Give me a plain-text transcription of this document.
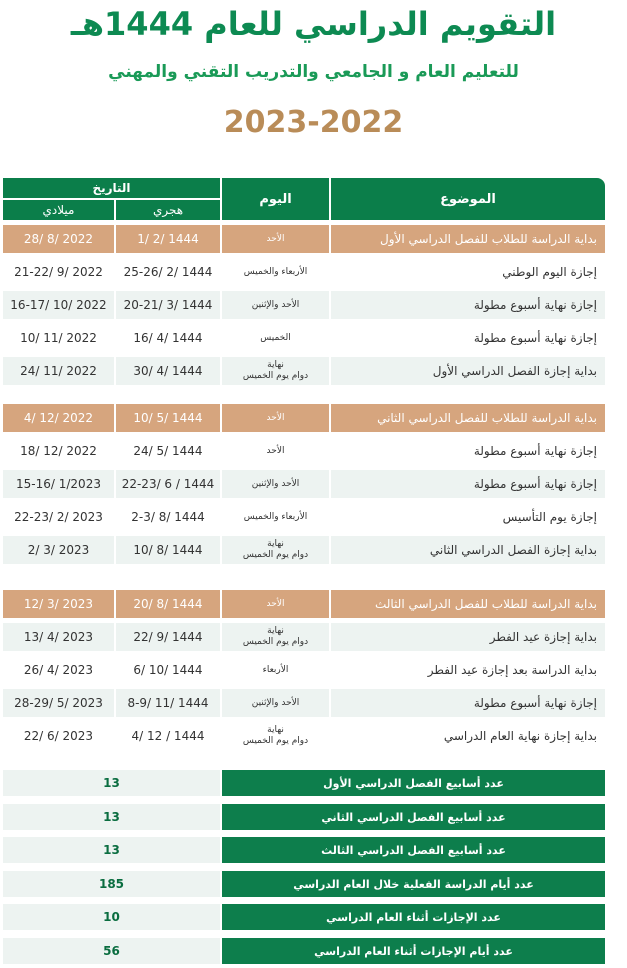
التقويم الدراسي للعام 1444هـ
للتعليم العام و الجامعي والتدريب التقني والمهني
2023-2022
الموضوع
اليوم
التاريخ
هجري
ميلادي
بداية الدراسة للطلاب للفصل الدراسي الأول
الأحد
1/ 2/ 1444
28/ 8/ 2022
إجازة اليوم الوطني
الأربعاء والخميس
25-26/ 2/ 1444
21-22/ 9/ 2022
إجازة نهاية أسبوع مطولة
الأحد والإثنين
20-21/ 3/ 1444
16-17/ 10/ 2022
إجازة نهاية أسبوع مطولة
الخميس
16/ 4/ 1444
10/ 11/ 2022
بداية إجازة الفصل الدراسي الأول
نهاية
دوام يوم الخميس
30/ 4/ 1444
24/ 11/ 2022
بداية الدراسة للطلاب للفصل الدراسي الثاني
الأحد
10/ 5/ 1444
4/ 12/ 2022
إجازة نهاية أسبوع مطولة
الأحد
24/ 5/ 1444
18/ 12/ 2022
إجازة نهاية أسبوع مطولة
الأحد والإثنين
22-23/ 6 / 1444
15-16/ 1/2023
إجازة يوم التأسيس
الأربعاء والخميس
2-3/ 8/ 1444
22-23/ 2/ 2023
بداية إجازة الفصل الدراسي الثاني
نهاية
دوام يوم الخميس
10/ 8/ 1444
2/ 3/ 2023
بداية الدراسة للطلاب للفصل الدراسي الثالث
الأحد
20/ 8/ 1444
12/ 3/ 2023
بداية إجازة عيد الفطر
نهاية
دوام يوم الخميس
22/ 9/ 1444
13/ 4/ 2023
بداية الدراسة بعد إجازة عيد الفطر
الأربعاء
6/ 10/ 1444
26/ 4/ 2023
إجازة نهاية أسبوع مطولة
الأحد والإثنين
8-9/ 11/ 1444
28-29/ 5/ 2023
بداية إجازة نهاية العام الدراسي
نهاية
دوام يوم الخميس
4/ 12 / 1444
22/ 6/ 2023
عدد أسابيع الفصل الدراسي الأول
13
عدد أسابيع الفصل الدراسي الثاني
13
عدد أسابيع الفصل الدراسي الثالث
13
عدد أيام الدراسة الفعلية خلال العام الدراسي
185
عدد الإجازات أثناء العام الدراسي
10
عدد أيام الإجازات أثناء العام الدراسي
56
